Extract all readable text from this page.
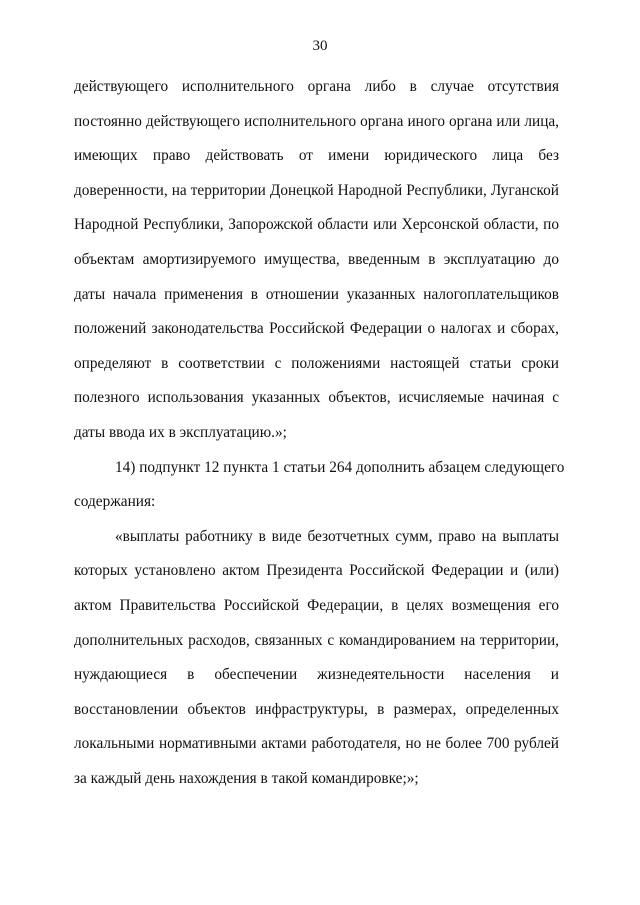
30
действующего исполнительного органа либо в случае отсутствия
постоянно действующего исполнительного органа иного органа или лица,
имеющих право действовать от имени юридического лица без
доверенности, на территории Донецкой Народной Республики, Луганской
Народной Республики, Запорожской области или Херсонской области, по
объектам амортизируемого имущества, введенным в эксплуатацию до
даты начала применения в отношении указанных налогоплательщиков
положений законодательства Российской Федерации о налогах и сборах,
определяют в соответствии с положениями настоящей статьи сроки
полезного использования указанных объектов, исчисляемые начиная с
даты ввода их в эксплуатацию.»;
14) подпункт 12 пункта 1 статьи 264 дополнить абзацем следующего
содержания:
«выплаты работнику в виде безотчетных сумм, право на выплаты
которых установлено актом Президента Российской Федерации и (или)
актом Правительства Российской Федерации, в целях возмещения его
дополнительных расходов, связанных с командированием на территории,
нуждающиеся в обеспечении жизнедеятельности населения и
восстановлении объектов инфраструктуры, в размерах, определенных
локальными нормативными актами работодателя, но не более 700 рублей
за каждый день нахождения в такой командировке;»;
